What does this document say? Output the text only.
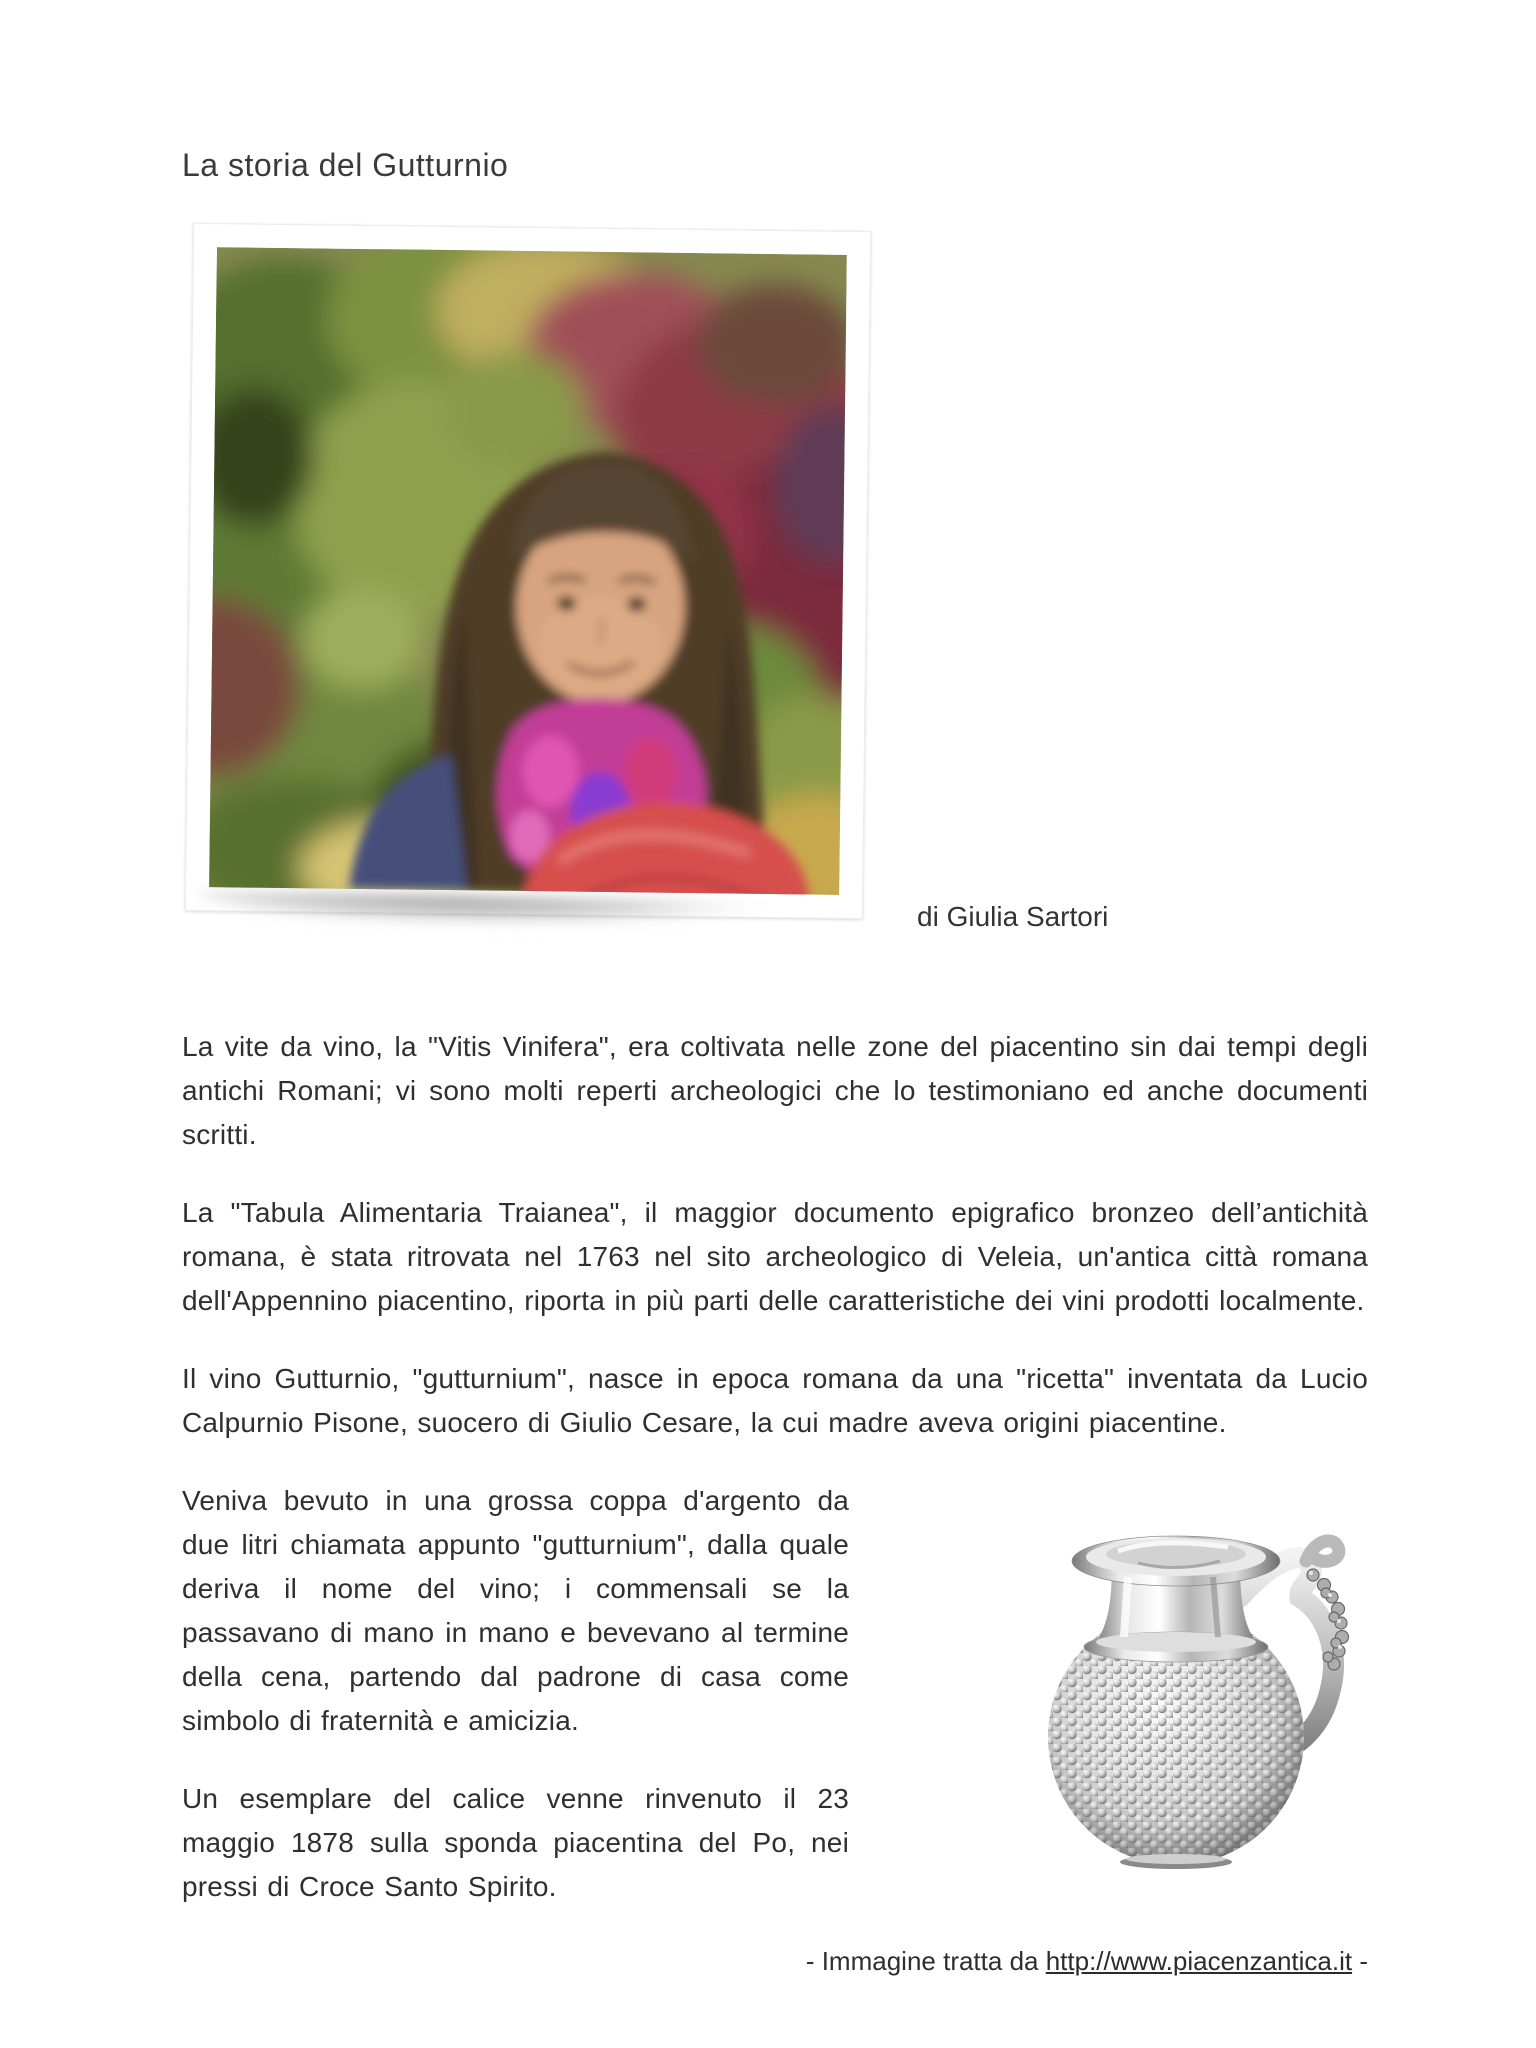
La storia del Gutturnio
di Giulia Sartori

La vite da vino, la "Vitis Vinifera", era coltivata nelle zone del piacentino sin dai tempi degli antichi Romani; vi sono molti reperti archeologici che lo testimoniano ed anche documenti scritti.

La "Tabula Alimentaria Traianea", il maggior documento epigrafico bronzeo dell’antichità romana, è stata ritrovata nel 1763 nel sito archeologico di Veleia, un'antica città romana dell'Appennino piacentino, riporta in più parti delle caratteristiche dei vini prodotti localmente.

Il vino Gutturnio, "gutturnium", nasce in epoca romana da una "ricetta" inventata da Lucio Calpurnio Pisone, suocero di Giulio Cesare, la cui madre aveva origini piacentine.

Veniva bevuto in una grossa coppa d'argento da due litri chiamata appunto "gutturnium", dalla quale deriva il nome del vino; i commensali se la passavano di mano in mano e bevevano al termine della cena, partendo dal padrone di casa come simbolo di fraternità e amicizia.

Un esemplare del calice venne rinvenuto il 23 maggio 1878 sulla sponda piacentina del Po, nei pressi di Croce Santo Spirito.

- Immagine tratta da http://www.piacenzantica.it -
